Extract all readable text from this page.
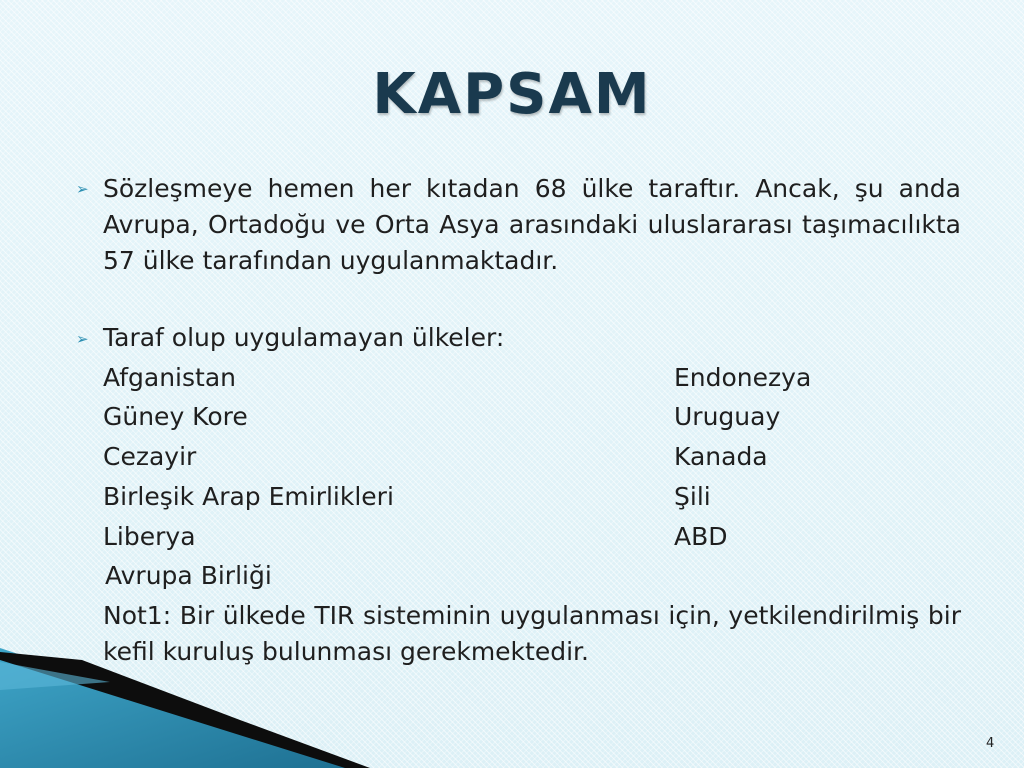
KAPSAM
➢ Sözleşmeye hemen her kıtadan 68 ülke taraftır. Ancak, şu anda Avrupa, Ortadoğu ve Orta Asya arasındaki uluslararası taşımacılıkta 57 ülke tarafından uygulanmaktadır.
➢ Taraf olup uygulamayan ülkeler:
Afganistan	Endonezya
Güney Kore	Uruguay
Cezayir	Kanada
Birleşik Arap Emirlikleri	Şili
Liberya	ABD
Avrupa Birliği
Not1: Bir ülkede TIR sisteminin uygulanması için, yetkilendirilmiş bir kefil kuruluş bulunması gerekmektedir.
4
